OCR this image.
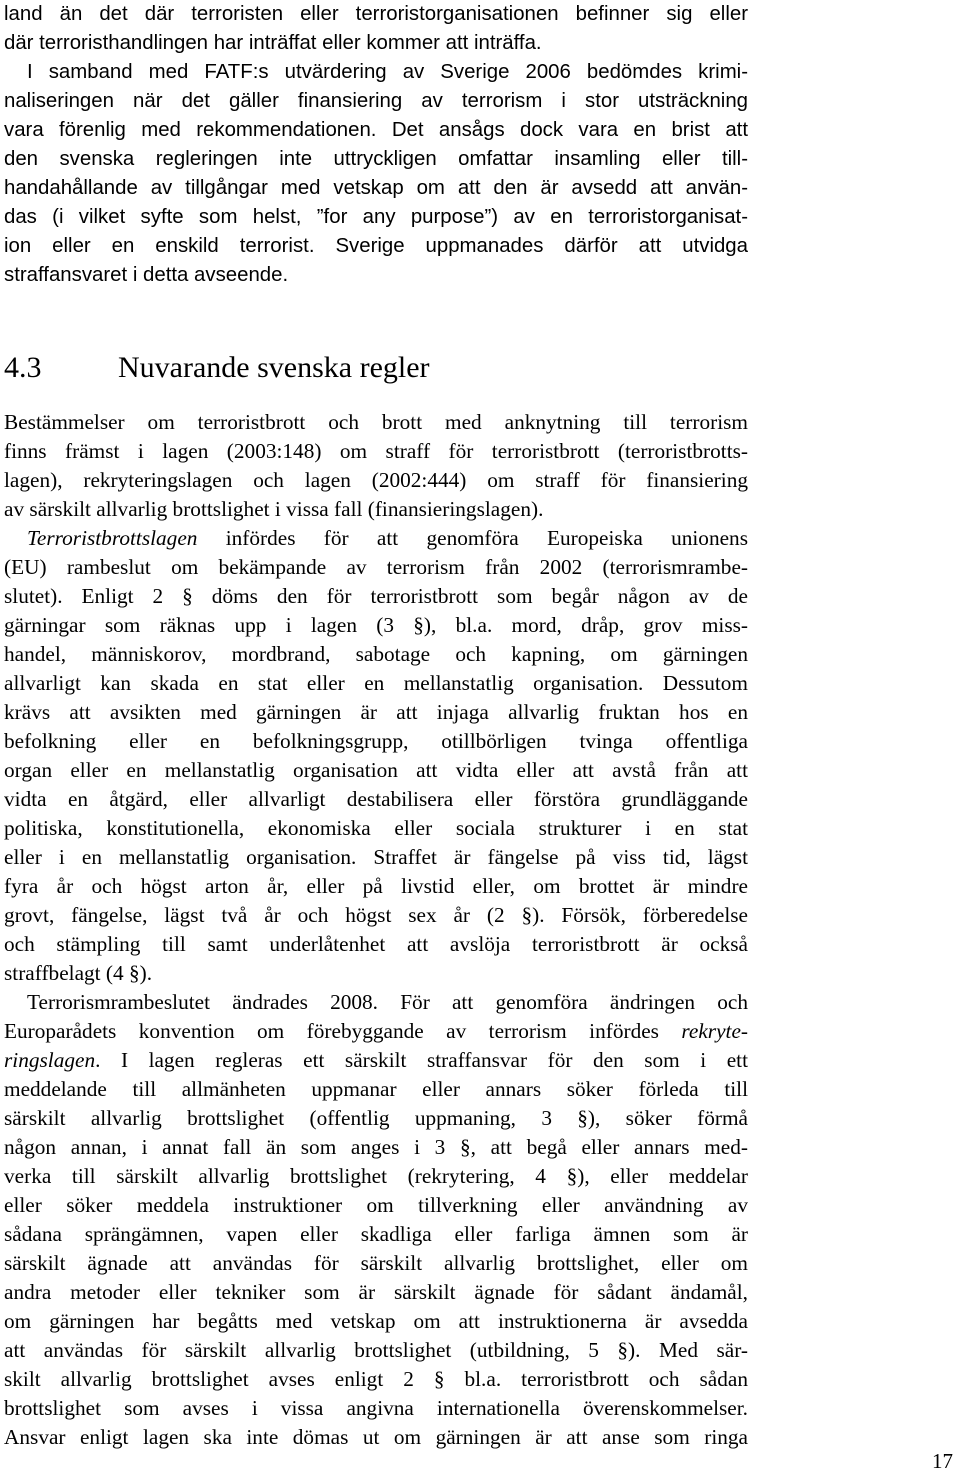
land än det där terroristen eller terroristorganisationen befinner sig eller
där terroristhandlingen har inträffat eller kommer att inträffa.
I samband med FATF:s utvärdering av Sverige 2006 bedömdes krimi-
naliseringen när det gäller finansiering av terrorism i stor utsträckning
vara förenlig med rekommendationen. Det ansågs dock vara en brist att
den svenska regleringen inte uttryckligen omfattar insamling eller till-
handahållande av tillgångar med vetskap om att den är avsedd att använ-
das (i vilket syfte som helst, ”for any purpose”) av en terroristorganisat-
ion eller en enskild terrorist. Sverige uppmanades därför att utvidga
straffansvaret i detta avseende.
4.3	Nuvarande svenska regler
Bestämmelser om terroristbrott och brott med anknytning till terrorism
finns främst i lagen (2003:148) om straff för terroristbrott (terroristbrotts-
lagen), rekryteringslagen och lagen (2002:444) om straff för finansiering
av särskilt allvarlig brottslighet i vissa fall (finansieringslagen).
Terroristbrottslagen infördes för att genomföra Europeiska unionens
(EU) rambeslut om bekämpande av terrorism från 2002 (terrorismrambe-
slutet). Enligt 2 § döms den för terroristbrott som begår någon av de
gärningar som räknas upp i lagen (3 §), bl.a. mord, dråp, grov miss-
handel, människorov, mordbrand, sabotage och kapning, om gärningen
allvarligt kan skada en stat eller en mellanstatlig organisation. Dessutom
krävs att avsikten med gärningen är att injaga allvarlig fruktan hos en
befolkning eller en befolkningsgrupp, otillbörligen tvinga offentliga
organ eller en mellanstatlig organisation att vidta eller att avstå från att
vidta en åtgärd, eller allvarligt destabilisera eller förstöra grundläggande
politiska, konstitutionella, ekonomiska eller sociala strukturer i en stat
eller i en mellanstatlig organisation. Straffet är fängelse på viss tid, lägst
fyra år och högst arton år, eller på livstid eller, om brottet är mindre
grovt, fängelse, lägst två år och högst sex år (2 §). Försök, förberedelse
och stämpling till samt underlåtenhet att avslöja terroristbrott är också
straffbelagt (4 §).
Terrorismrambeslutet ändrades 2008. För att genomföra ändringen och
Europarådets konvention om förebyggande av terrorism infördes rekryte-
ringslagen. I lagen regleras ett särskilt straffansvar för den som i ett
meddelande till allmänheten uppmanar eller annars söker förleda till
särskilt allvarlig brottslighet (offentlig uppmaning, 3 §), söker förmå
någon annan, i annat fall än som anges i 3 §, att begå eller annars med-
verka till särskilt allvarlig brottslighet (rekrytering, 4 §), eller meddelar
eller söker meddela instruktioner om tillverkning eller användning av
sådana sprängämnen, vapen eller skadliga eller farliga ämnen som är
särskilt ägnade att användas för särskilt allvarlig brottslighet, eller om
andra metoder eller tekniker som är särskilt ägnade för sådant ändamål,
om gärningen har begåtts med vetskap om att instruktionerna är avsedda
att användas för särskilt allvarlig brottslighet (utbildning, 5 §). Med sär-
skilt allvarlig brottslighet avses enligt 2 § bl.a. terroristbrott och sådan
brottslighet som avses i vissa angivna internationella överenskommelser.
Ansvar enligt lagen ska inte dömas ut om gärningen är att anse som ringa
17
